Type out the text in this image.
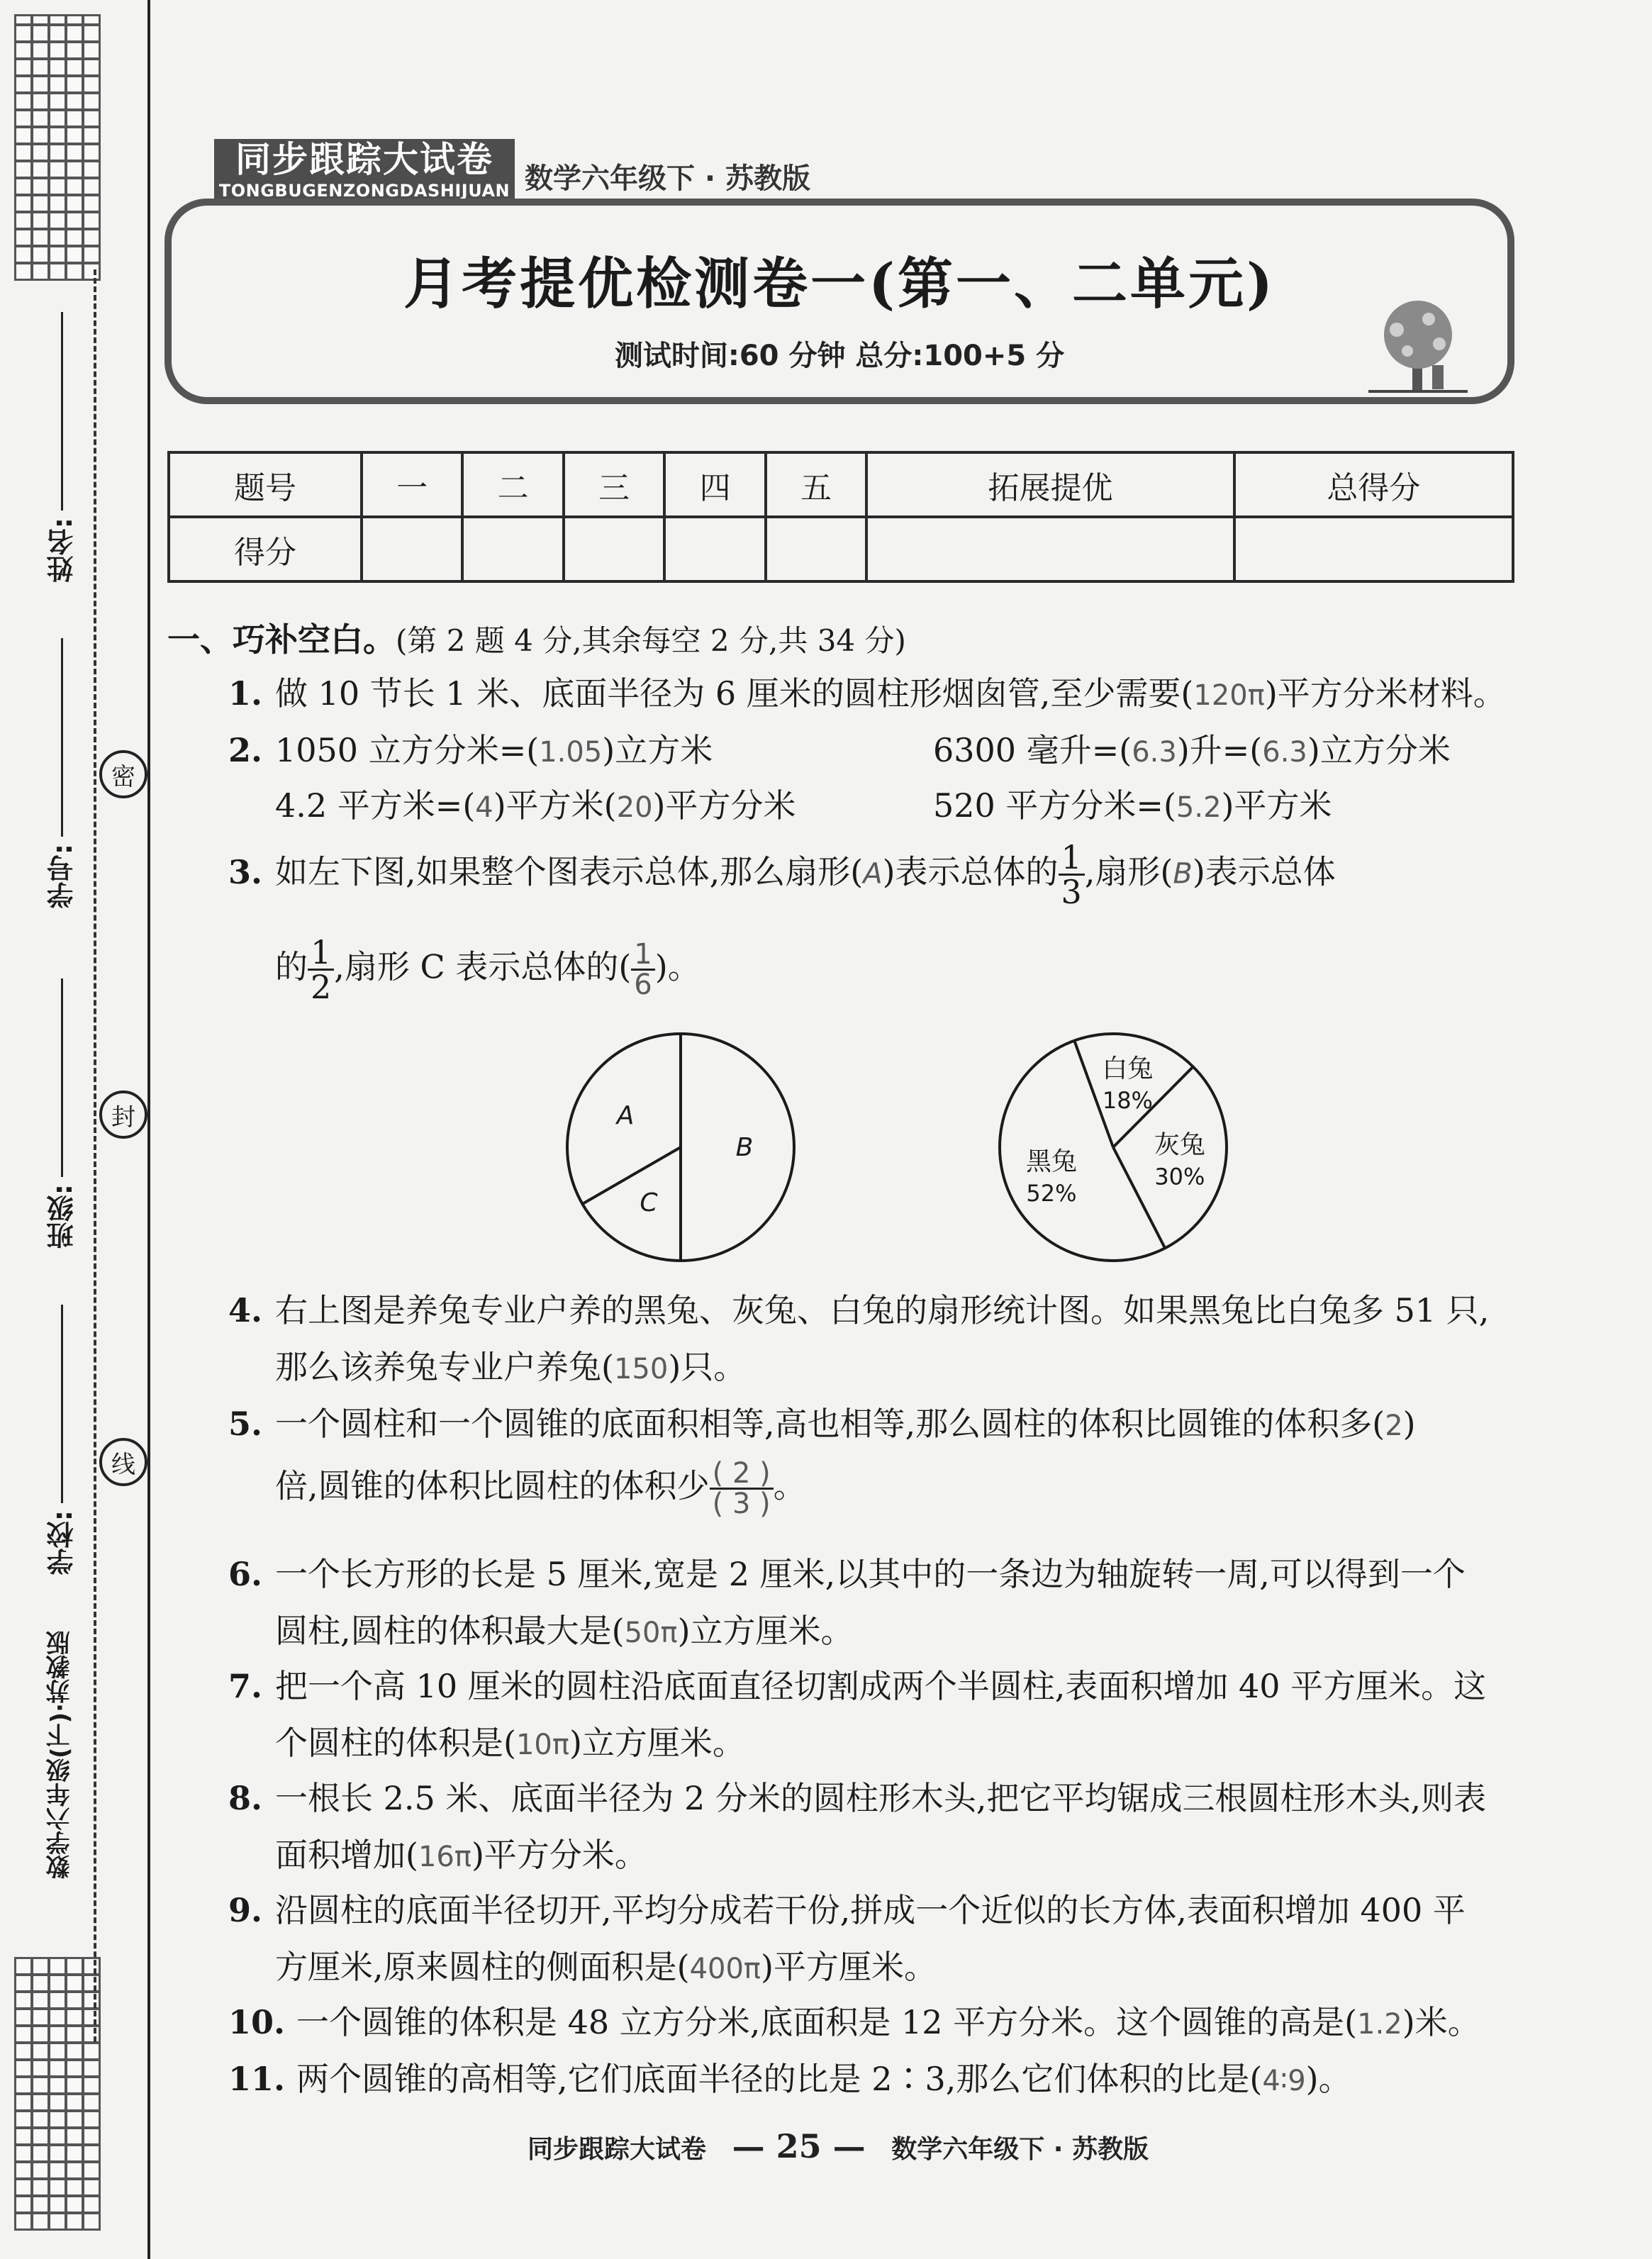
姓名:
学号:
班级:
学校:
数学六年级(下)·苏教版
密
封
线
同步跟踪大试卷
TONGBUGENZONGDASHIJUAN 数学六年级下 · 苏教版
月考提优检测卷一(第一、二单元)
测试时间:60 分钟 总分:100+5 分
题号	一	二	三	四	五	拓展提优	总得分
得分							
一、巧补空白。(第 2 题 4 分,其余每空 2 分,共 34 分)
1. 做 10 节长 1 米、底面半径为 6 厘米的圆柱形烟囱管,至少需要(120π)平方分米材料。
2. 1050 立方分米=(1.05)立方米	6300 毫升=(6.3)升=(6.3)立方分米
4.2 平方米=(4)平方米(20)平方分米	520 平方分米=(5.2)平方米
3. 如左下图,如果整个图表示总体,那么扇形(A)表示总体的 $\frac{1}{3}$ ,扇形(B)表示总体
的 $\frac{1}{2}$ ,扇形 C 表示总体的( $\frac{1}{6}$ )。
B
C
A
白兔
18%
灰兔
30%
黑兔
52%
4. 右上图是养兔专业户养的黑兔、灰兔、白兔的扇形统计图。如果黑兔比白兔多 51 只,
那么该养兔专业户养兔(150)只。
5. 一个圆柱和一个圆锥的底面积相等,高也相等,那么圆柱的体积比圆锥的体积多(2)
倍,圆锥的体积比圆柱的体积少 $\frac{( 2 )}{( 3 )}$ 。
6. 一个长方形的长是 5 厘米,宽是 2 厘米,以其中的一条边为轴旋转一周,可以得到一个
圆柱,圆柱的体积最大是(50π)立方厘米。
7. 把一个高 10 厘米的圆柱沿底面直径切割成两个半圆柱,表面积增加 40 平方厘米。这
个圆柱的体积是(10π)立方厘米。
8. 一根长 2.5 米、底面半径为 2 分米的圆柱形木头,把它平均锯成三根圆柱形木头,则表
面积增加(16π)平方分米。
9. 沿圆柱的底面半径切开,平均分成若干份,拼成一个近似的长方体,表面积增加 400 平
方厘米,原来圆柱的侧面积是(400π)平方厘米。
10. 一个圆锥的体积是 48 立方分米,底面积是 12 平方分米。这个圆锥的高是(1.2)米。
11. 两个圆锥的高相等,它们底面半径的比是 2∶3,那么它们体积的比是(4∶9)。
同步跟踪大试卷 — 25 — 数学六年级下 · 苏教版
